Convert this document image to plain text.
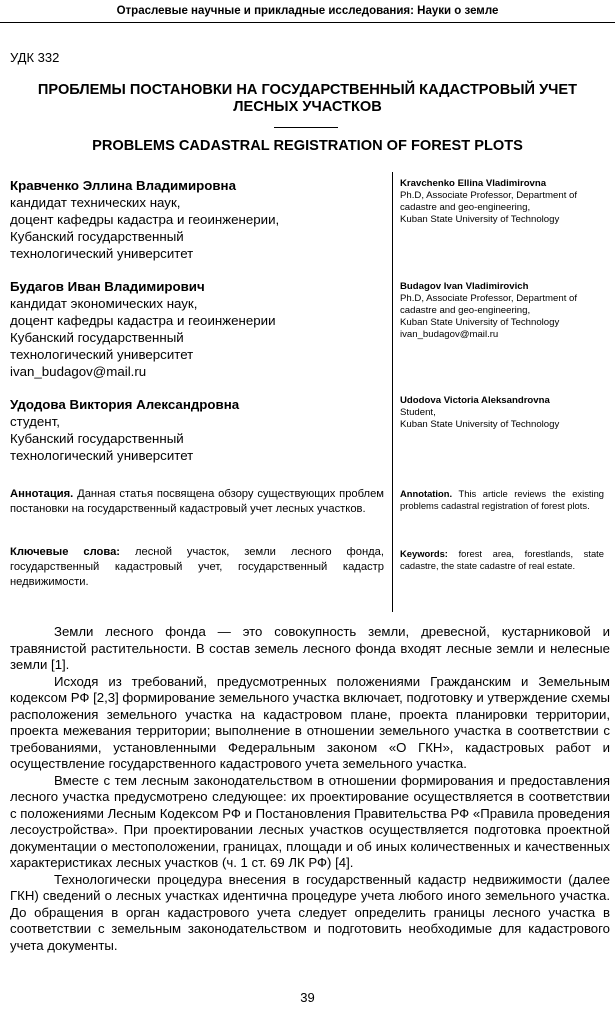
Отраслевые научные и прикладные исследования: Науки о земле
УДК 332
ПРОБЛЕМЫ ПОСТАНОВКИ НА ГОСУДАРСТВЕННЫЙ КАДАСТРОВЫЙ УЧЕТ
ЛЕСНЫХ УЧАСТКОВ
PROBLEMS CADASTRAL REGISTRATION OF FOREST PLOTS
Кравченко Эллина Владимировна
кандидат технических наук,
доцент кафедры кадастра и геоинженерии,
Кубанский государственный
технологический университет
Будагов Иван Владимирович
кандидат экономических наук,
доцент кафедры кадастра и геоинженерии
Кубанский государственный
технологический университет
ivan_budagov@mail.ru
Удодова Виктория Александровна
студент,
Кубанский государственный
технологический университет
Kravchenko Ellina Vladimirovna
Ph.D, Associate Professor, Department of
cadastre and geo-engineering,
Kuban State University of Technology
Budagov Ivan Vladimirovich
Ph.D, Associate Professor, Department of
cadastre and geo-engineering,
Kuban State University of Technology
ivan_budagov@mail.ru
Udodova Victoria Aleksandrovna
Student,
Kuban State University of Technology
Аннотация. Данная статья посвящена обзору существующих проблем постановки на государственный кадастровый учет лесных участков.
Ключевые слова: лесной участок, земли лесного фонда, государственный кадастровый учет, государственный кадастр недвижимости.
Annotation. This article reviews the existing problems cadastral registration of forest plots.
Keywords: forest area, forestlands, state cadastre, the state cadastre of real estate.

Земли лесного фонда — это совокупность земли, древесной, кустарниковой и травянистой растительности. В состав земель лесного фонда входят лесные земли и нелесные земли [1].

Исходя из требований, предусмотренных положениями Гражданским и Земельным кодексом РФ [2,3] формирование земельного участка включает, подготовку и утверждение схемы расположения земельного участка на кадастровом плане, проекта планировки территории, проекта межевания территории; выполнение в отношении земельного участка в соответствии с требованиями, установленными Федеральным законом «О ГКН», кадастровых работ и осуществление государственного кадастрового учета земельного участка.

Вместе с тем лесным законодательством в отношении формирования и предоставления лесного участка предусмотрено следующее: их проектирование осуществляется в соответствии с положениями Лесным Кодексом РФ и Постановления Правительства РФ «Правила проведения лесоустройства». При проектировании лесных участков осуществляется подготовка проектной документации о местоположении, границах, площади и об иных количественных и качественных характеристиках лесных участков (ч. 1 ст. 69 ЛК РФ) [4].

Технологически процедура внесения в государственный кадастр недвижимости (далее ГКН) сведений о лесных участках идентична процедуре учета любого иного земельного участка. До обращения в орган кадастрового учета следует определить границы лесного участка в соответствии с земельным законодательством и подготовить необходимые для кадастрового учета документы.

39
